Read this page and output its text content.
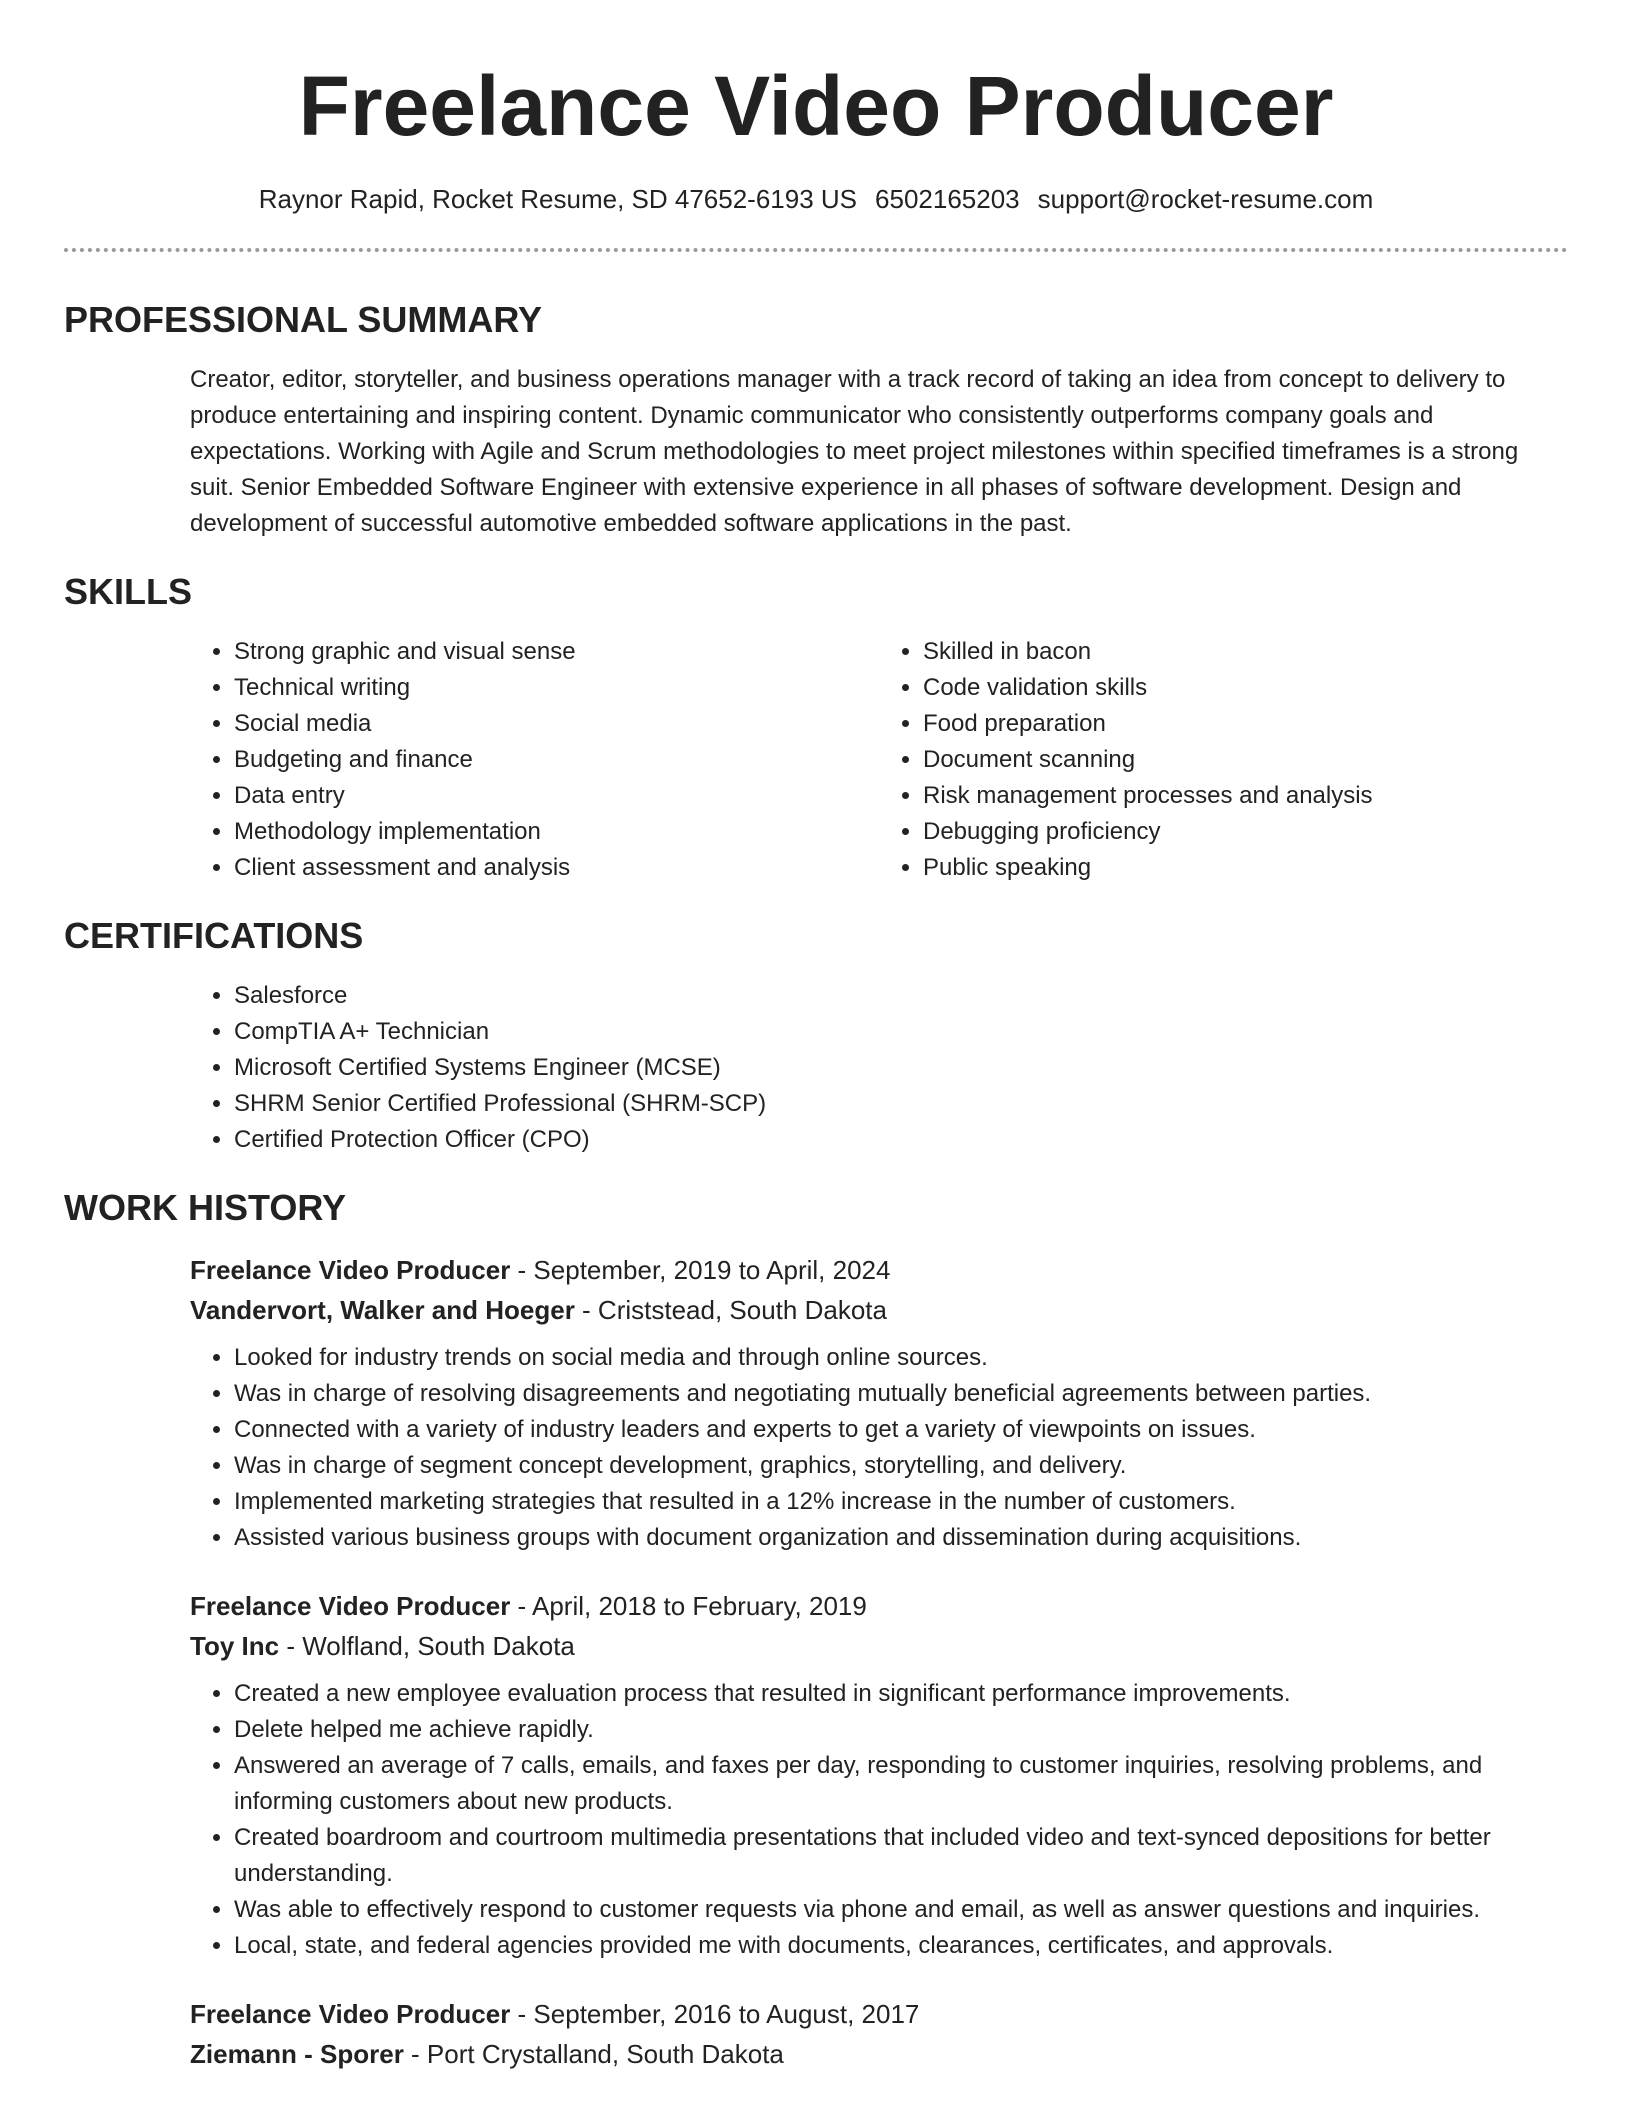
Freelance Video Producer
Raynor Rapid, Rocket Resume, SD 47652-6193 US 6502165203 support@rocket-resume.com
PROFESSIONAL SUMMARY
Creator, editor, storyteller, and business operations manager with a track record of taking an idea from concept to delivery to produce entertaining and inspiring content. Dynamic communicator who consistently outperforms company goals and expectations. Working with Agile and Scrum methodologies to meet project milestones within specified timeframes is a strong suit. Senior Embedded Software Engineer with extensive experience in all phases of software development. Design and development of successful automotive embedded software applications in the past.
SKILLS
• Strong graphic and visual sense
• Technical writing
• Social media
• Budgeting and finance
• Data entry
• Methodology implementation
• Client assessment and analysis
• Skilled in bacon
• Code validation skills
• Food preparation
• Document scanning
• Risk management processes and analysis
• Debugging proficiency
• Public speaking
CERTIFICATIONS
• Salesforce
• CompTIA A+ Technician
• Microsoft Certified Systems Engineer (MCSE)
• SHRM Senior Certified Professional (SHRM-SCP)
• Certified Protection Officer (CPO)
WORK HISTORY
Freelance Video Producer - September, 2019 to April, 2024
Vandervort, Walker and Hoeger - Criststead, South Dakota
• Looked for industry trends on social media and through online sources.
• Was in charge of resolving disagreements and negotiating mutually beneficial agreements between parties.
• Connected with a variety of industry leaders and experts to get a variety of viewpoints on issues.
• Was in charge of segment concept development, graphics, storytelling, and delivery.
• Implemented marketing strategies that resulted in a 12% increase in the number of customers.
• Assisted various business groups with document organization and dissemination during acquisitions.
Freelance Video Producer - April, 2018 to February, 2019
Toy Inc - Wolfland, South Dakota
• Created a new employee evaluation process that resulted in significant performance improvements.
• Delete helped me achieve rapidly.
• Answered an average of 7 calls, emails, and faxes per day, responding to customer inquiries, resolving problems, and informing customers about new products.
• Created boardroom and courtroom multimedia presentations that included video and text-synced depositions for better understanding.
• Was able to effectively respond to customer requests via phone and email, as well as answer questions and inquiries.
• Local, state, and federal agencies provided me with documents, clearances, certificates, and approvals.
Freelance Video Producer - September, 2016 to August, 2017
Ziemann - Sporer - Port Crystalland, South Dakota
